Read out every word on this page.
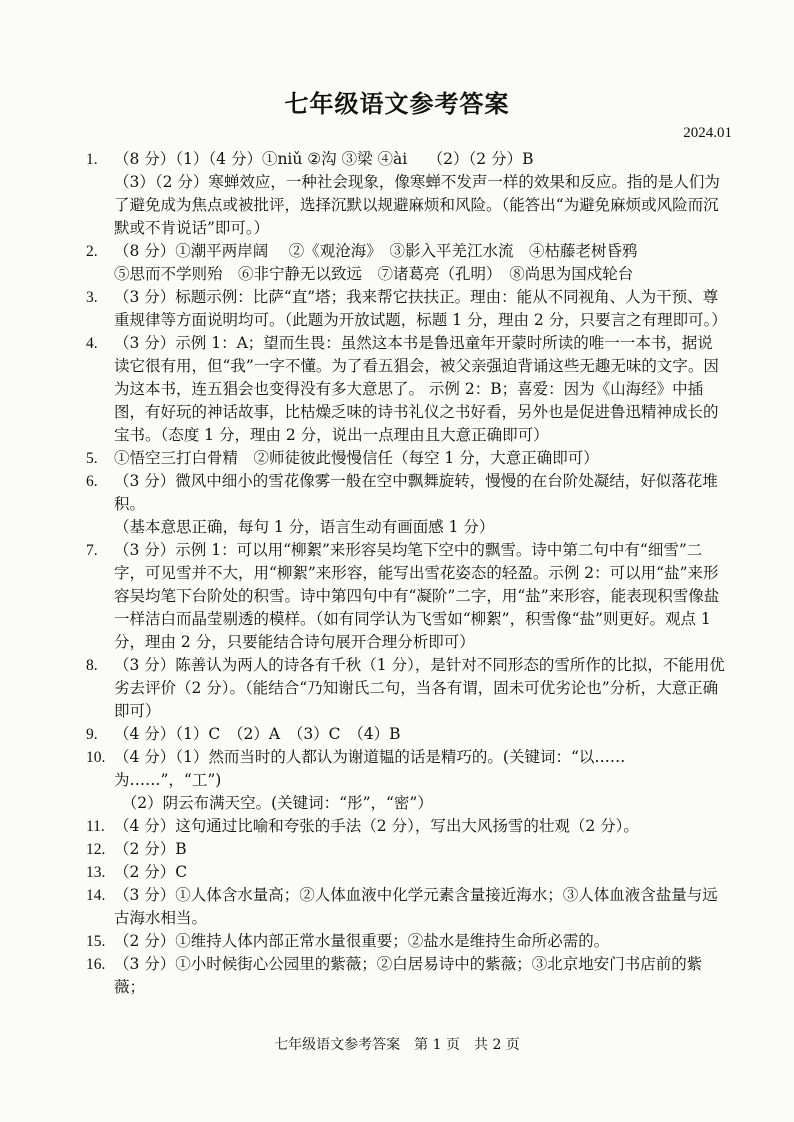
七年级语文参考答案
2024.01
1.	（8 分）（1）（4 分）①niǔ ②沟 ③梁 ④ài　 （2）（2 分）B

（3）（2 分）寒蝉效应，一种社会现象，像寒蝉不发声一样的效果和反应。指的是人们为了避免成为焦点或被批评，选择沉默以规避麻烦和风险。（能答出“为避免麻烦或风险而沉默或不肯说话”即可。）

2.	（8 分）①潮平两岸阔　 ②《观沧海》　③影入平羌江水流　④枯藤老树昏鸦

⑤思而不学则殆　⑥非宁静无以致远　⑦诸葛亮（孔明）　⑧尚思为国戍轮台

3.	（3 分）标题示例：比萨“直”塔；我来帮它扶扶正。理由：能从不同视角、人为干预、尊重规律等方面说明均可。（此题为开放试题，标题 1 分，理由 2 分，只要言之有理即可。）

4.	（3 分）示例 1：A；望而生畏：虽然这本书是鲁迅童年开蒙时所读的唯一一本书，据说读它很有用，但“我”一字不懂。为了看五猖会，被父亲强迫背诵这些无趣无味的文字。因为这本书，连五猖会也变得没有多大意思了。 示例 2：B；喜爱：因为《山海经》中插图，有好玩的神话故事，比枯燥乏味的诗书礼仪之书好看，另外也是促进鲁迅精神成长的宝书。（态度 1 分，理由 2 分，说出一点理由且大意正确即可）

5.	①悟空三打白骨精　②师徒彼此慢慢信任（每空 1 分，大意正确即可）

6.	（3 分）微风中细小的雪花像雾一般在空中飘舞旋转，慢慢的在台阶处凝结，好似落花堆积。

（基本意思正确，每句 1 分，语言生动有画面感 1 分）

7.	（3 分）示例 1：可以用“柳絮”来形容吴均笔下空中的飘雪。诗中第二句中有“细雪”二字，可见雪并不大，用“柳絮”来形容，能写出雪花姿态的轻盈。示例 2：可以用“盐”来形容吴均笔下台阶处的积雪。诗中第四句中有“凝阶”二字，用“盐”来形容，能表现积雪像盐一样洁白而晶莹剔透的模样。（如有同学认为飞雪如“柳絮”，积雪像“盐”则更好。观点 1 分，理由 2 分，只要能结合诗句展开合理分析即可）

8.	（3 分）陈善认为两人的诗各有千秋（1 分），是针对不同形态的雪所作的比拟，不能用优劣去评价（2 分）。（能结合“乃知谢氏二句，当各有谓，固未可优劣论也”分析，大意正确即可）

9.	（4 分）（1）C　（2）A　（3）C　（4）B

10. （4 分）（1）然而当时的人都认为谢道韫的话是精巧的。(关键词：“以……为……”，“工”)

　（2）阴云布满天空。(关键词：“彤”，“密”）

11. （4 分）这句通过比喻和夸张的手法（2 分），写出大风扬雪的壮观（2 分）。

12. （2 分）B

13. （2 分）C

14. （3 分）①人体含水量高；②人体血液中化学元素含量接近海水；③人体血液含盐量与远古海水相当。

15. （2 分）①维持人体内部正常水量很重要；②盐水是维持生命所必需的。

16. （3 分）①小时候街心公园里的紫薇；②白居易诗中的紫薇；③北京地安门书店前的紫薇；

七年级语文参考答案　第 1 页　共 2 页
